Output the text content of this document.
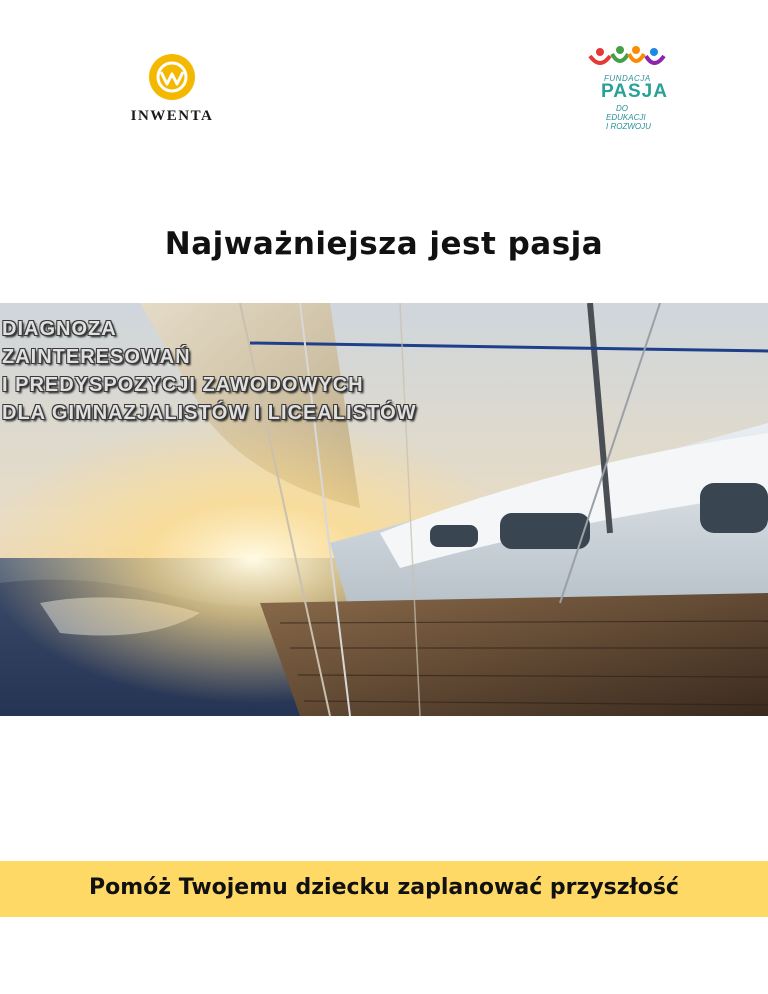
INWENTA
FUNDACJA
PASJA
DO
EDUKACJI
I ROZWOJU
Najważniejsza jest pasja
DIAGNOZA
ZAINTERESOWAŃ
I PREDYSPOZYCJI ZAWODOWYCH
DLA GIMNAZJALISTÓW I LICEALISTÓW
Pomóż Twojemu dziecku zaplanować przyszłość
